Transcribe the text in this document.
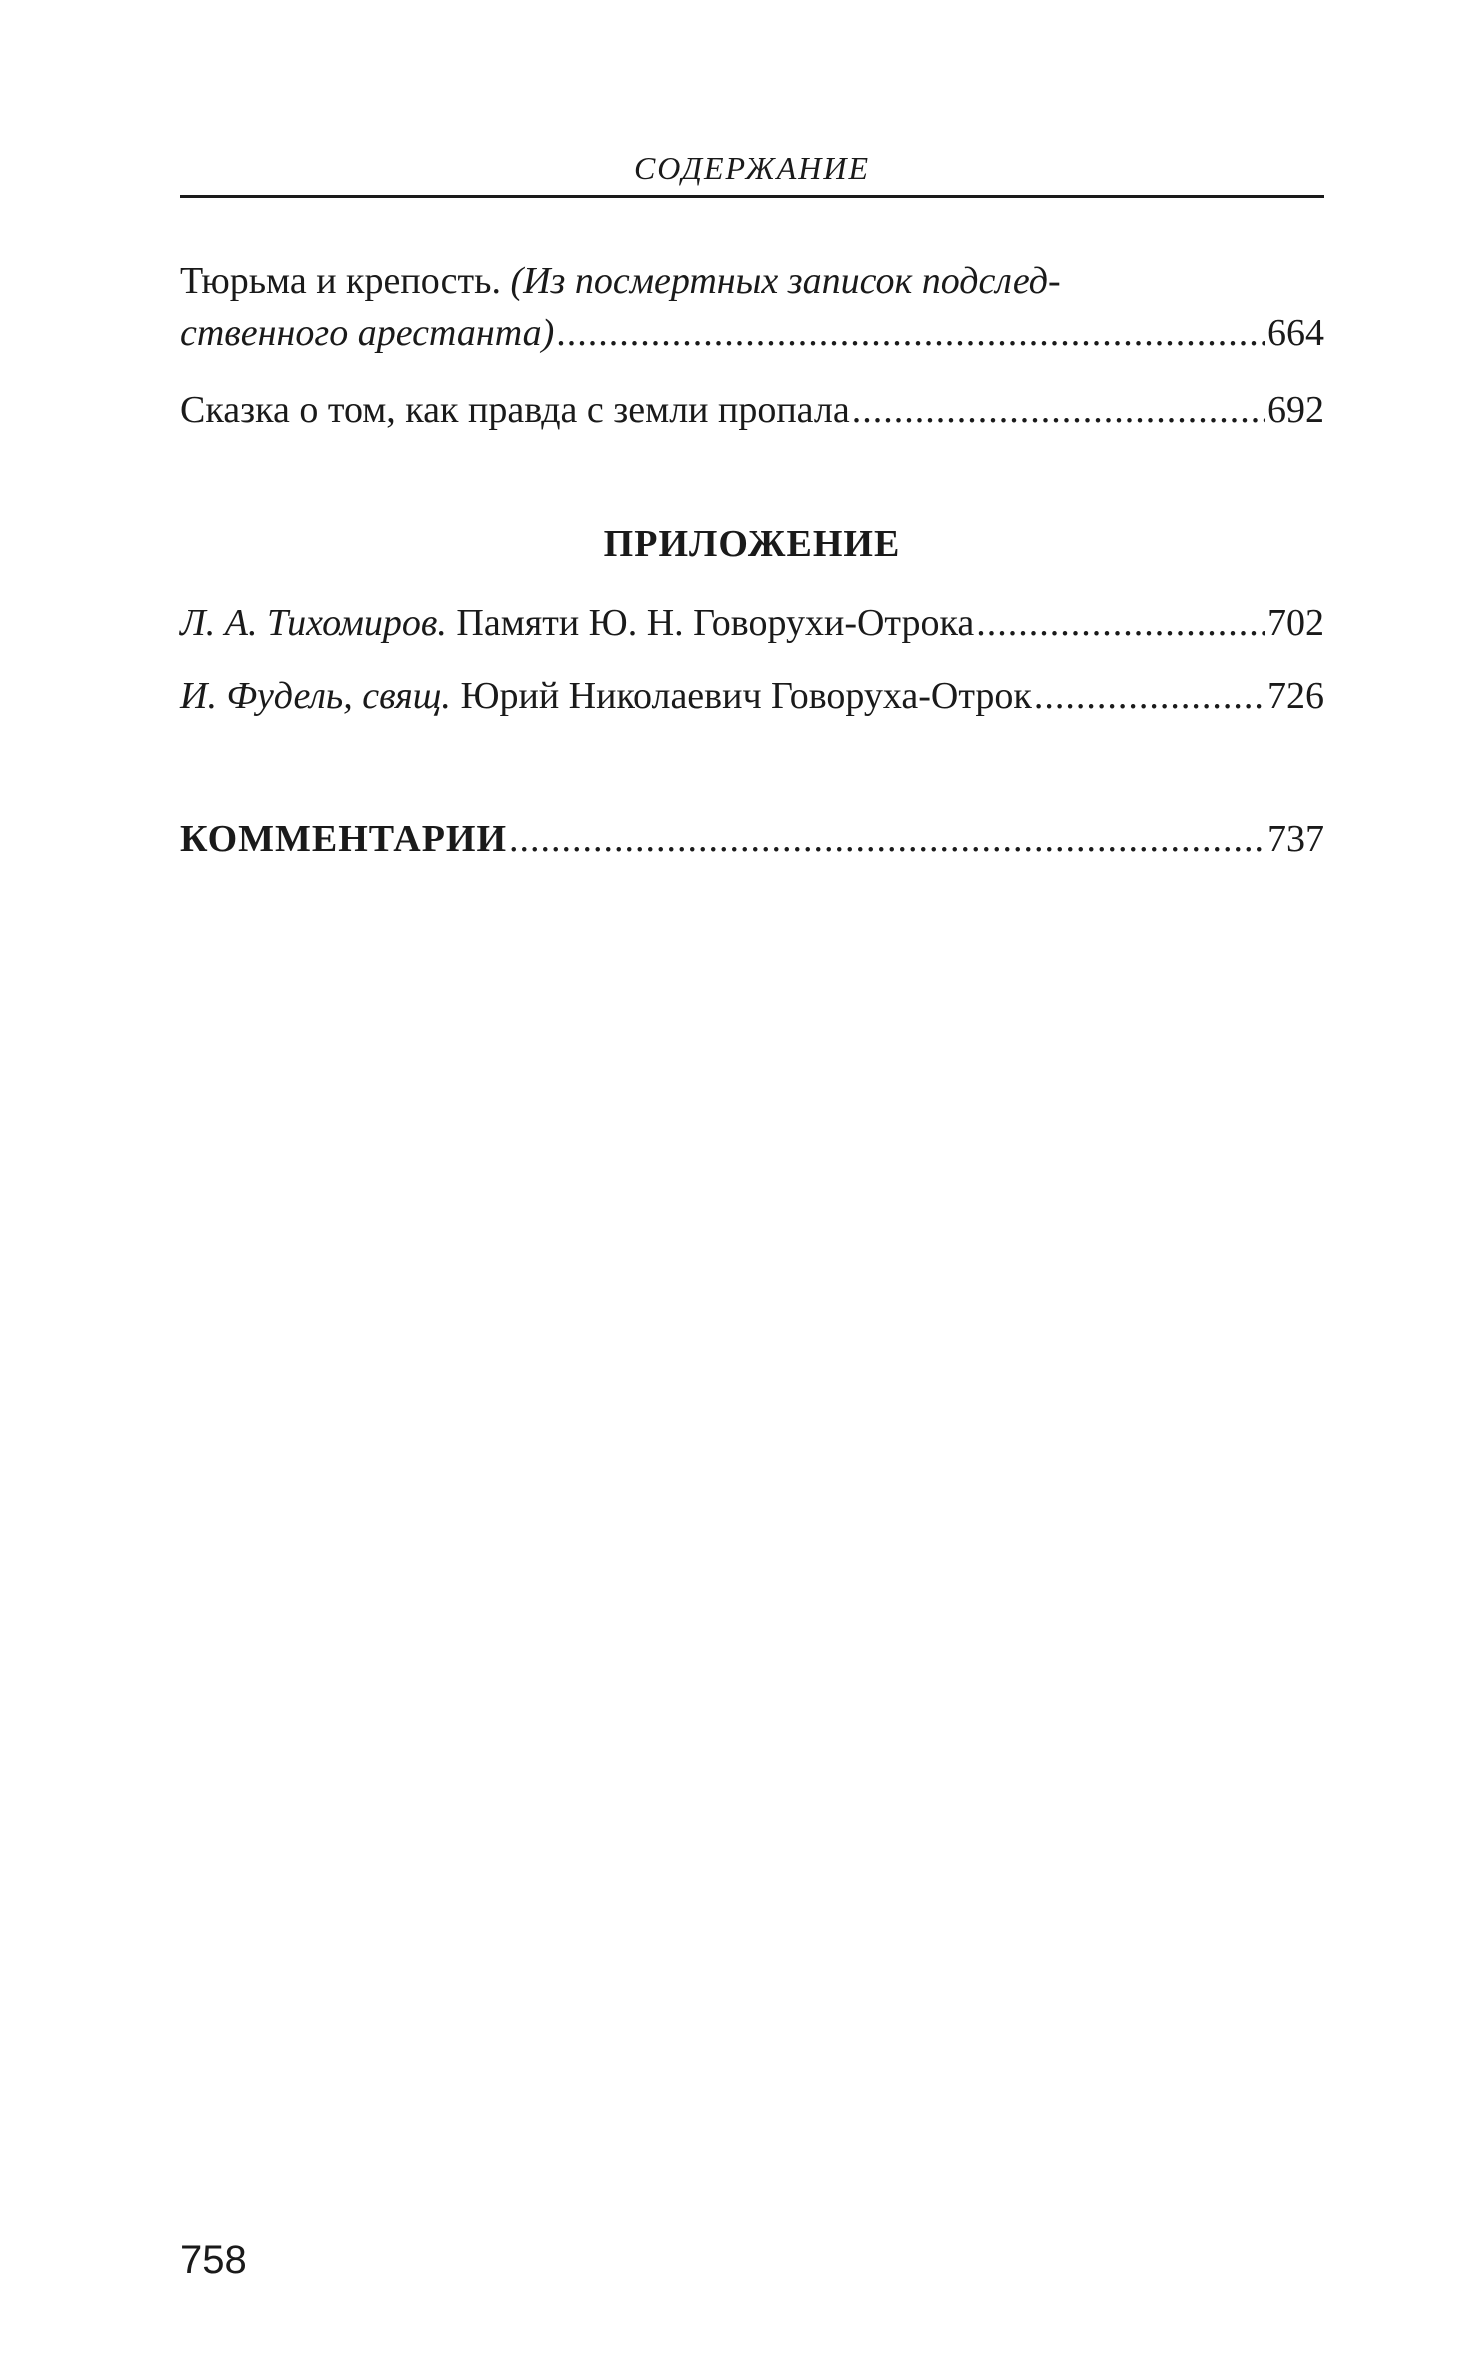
СОДЕРЖАНИЕ
Тюрьма и крепость. (Из посмертных записок подслед-
ственного арестанта) .....	664
Сказка о том, как правда с земли пропала .....	692
ПРИЛОЖЕНИЕ
Л. А. Тихомиров.
Памяти Ю. Н. Говорухи-Отрока .....	702
И. Фудель, свящ.
Юрий Николаевич Говоруха-Отрок .....	726
КОММЕНТАРИИ .....	737
758
